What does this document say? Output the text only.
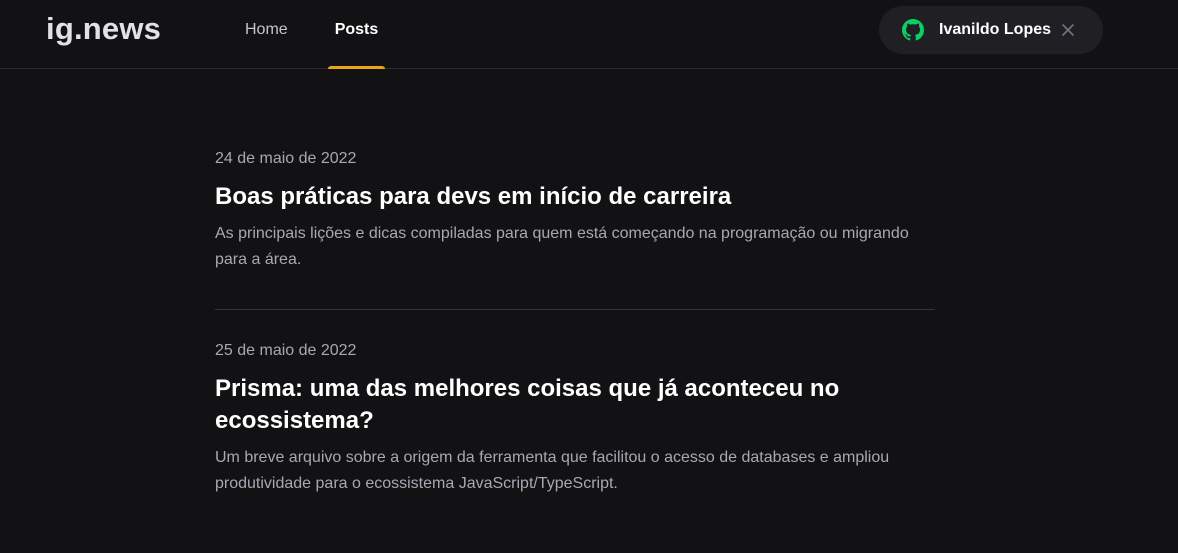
ig.news	Home	Posts	Ivanildo Lopes
24 de maio de 2022
Boas práticas para devs em início de carreira

As principais lições e dicas compiladas para quem está começando na programação ou migrando para a área.

25 de maio de 2022
Prisma: uma das melhores coisas que já aconteceu no ecossistema?

Um breve arquivo sobre a origem da ferramenta que facilitou o acesso de databases e ampliou produtividade para o ecossistema JavaScript/TypeScript.
